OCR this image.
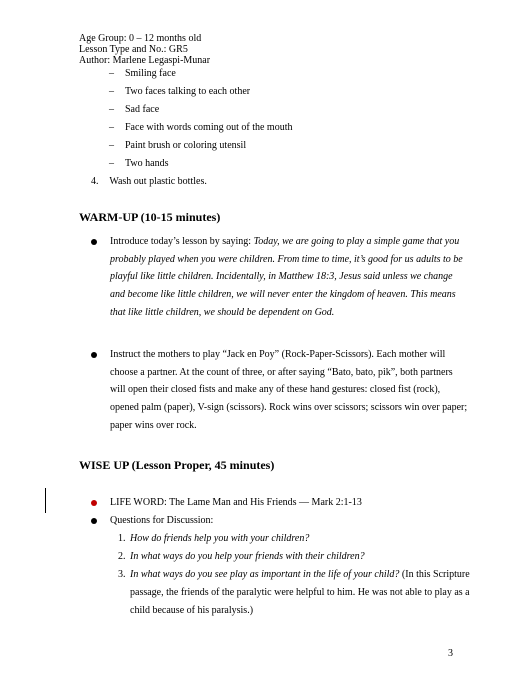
Age Group: 0 – 12 months old
Lesson Type and No.: GR5
Author: Marlene Legaspi-Munar
– Smiling face
– Two faces talking to each other
– Sad face
– Face with words coming out of the mouth
– Paint brush or coloring utensil
– Two hands
4. Wash out plastic bottles.
WARM-UP (10-15 minutes)
Introduce today’s lesson by saying: Today, we are going to play a simple game that you probably played when you were children. From time to time, it’s good for us adults to be playful like little children. Incidentally, in Matthew 18:3, Jesus said unless we change and become like little children, we will never enter the kingdom of heaven. This means that like little children, we should be dependent on God.
Instruct the mothers to play “Jack en Poy” (Rock-Paper-Scissors). Each mother will choose a partner. At the count of three, or after saying “Bato, bato, pik”, both partners will open their closed fists and make any of these hand gestures: closed fist (rock), opened palm (paper), V-sign (scissors). Rock wins over scissors; scissors win over paper; paper wins over rock.
WISE UP (Lesson Proper, 45 minutes)
LIFE WORD: The Lame Man and His Friends — Mark 2:1-13
Questions for Discussion:
1. How do friends help you with your children?
2. In what ways do you help your friends with their children?
3. In what ways do you see play as important in the life of your child? (In this Scripture passage, the friends of the paralytic were helpful to him. He was not able to play as a child because of his paralysis.)
3
